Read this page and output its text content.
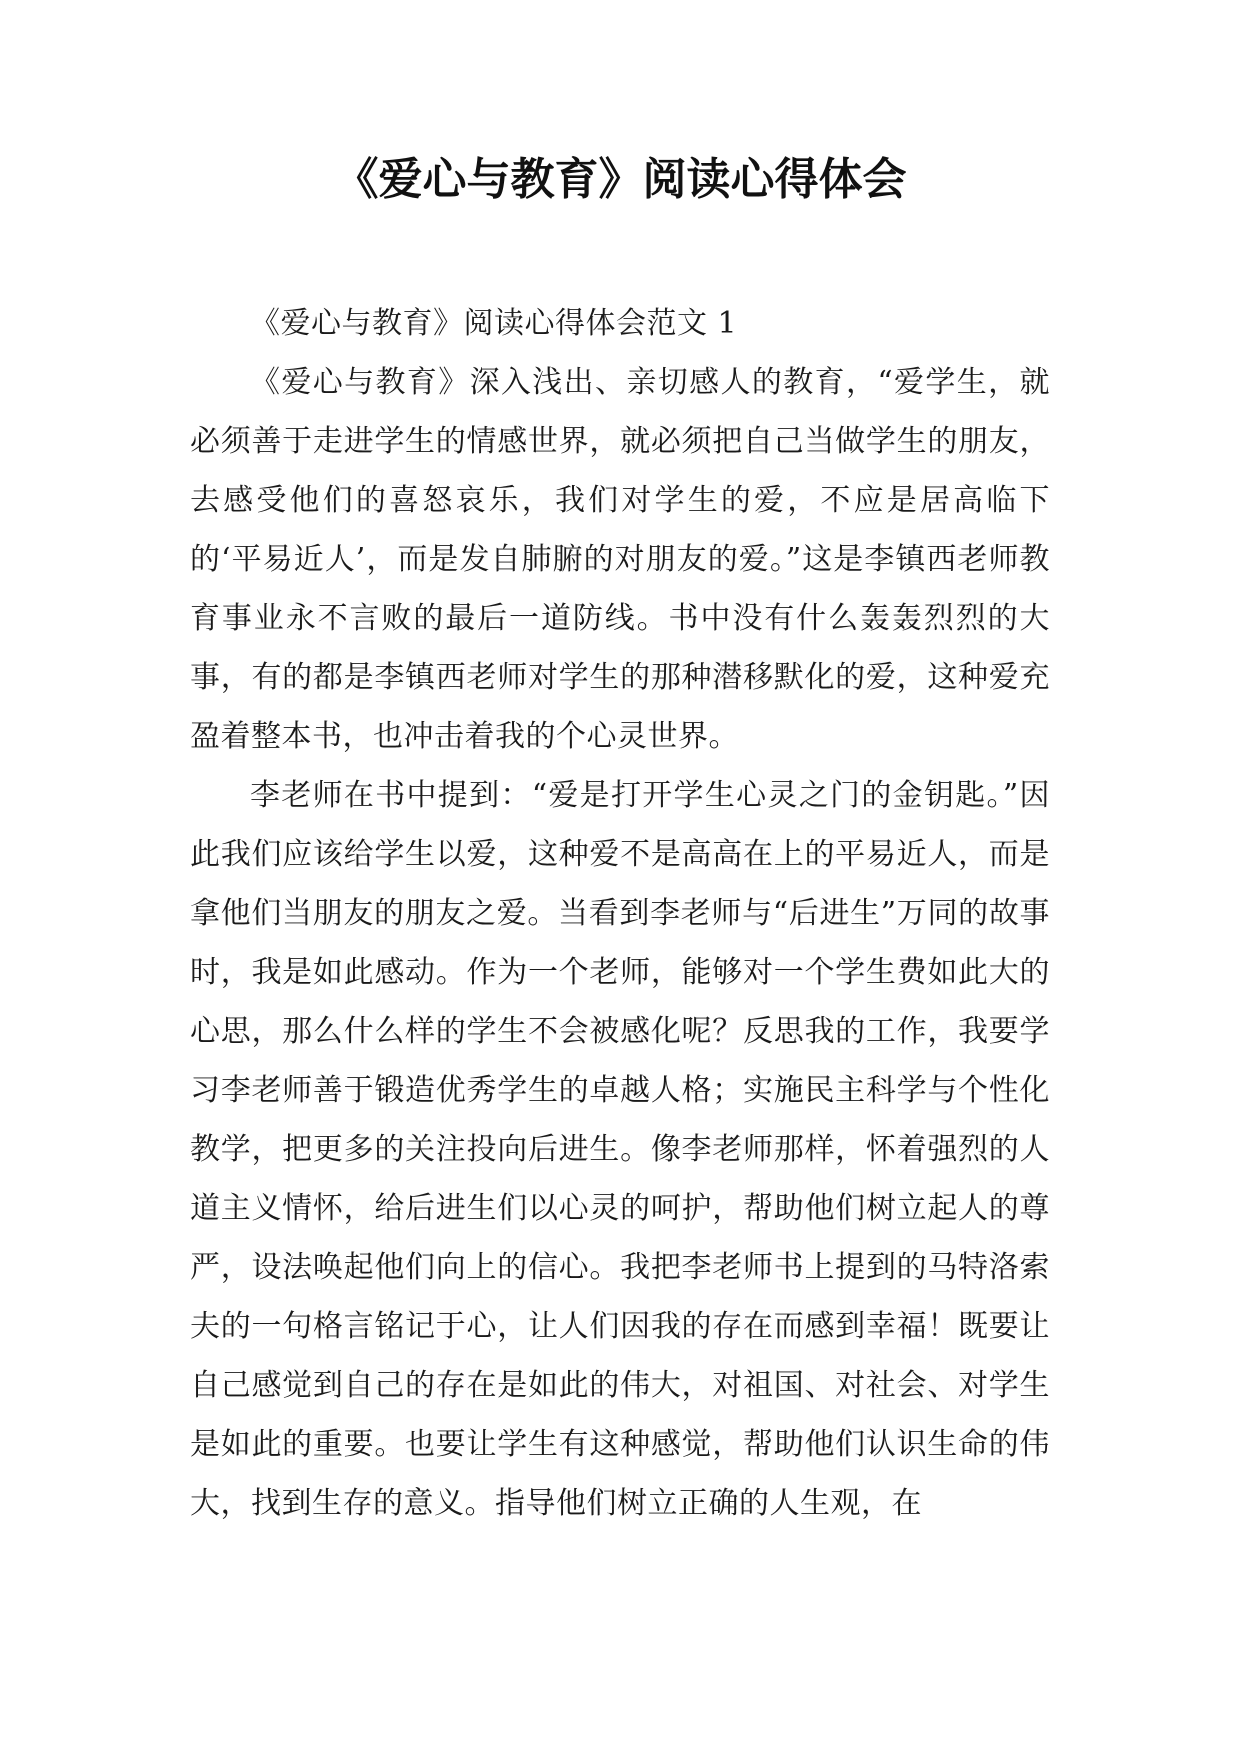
《爱心与教育》阅读心得体会

《爱心与教育》阅读心得体会范文 1

《爱心与教育》深入浅出、亲切感人的教育，“爱学生，就必须善于走进学生的情感世界，就必须把自己当做学生的朋友，去感受他们的喜怒哀乐，我们对学生的爱，不应是居高临下的‘平易近人’，而是发自肺腑的对朋友的爱。”这是李镇西老师教育事业永不言败的最后一道防线。书中没有什么轰轰烈烈的大事，有的都是李镇西老师对学生的那种潜移默化的爱，这种爱充盈着整本书，也冲击着我的个心灵世界。

李老师在书中提到：“爱是打开学生心灵之门的金钥匙。”因此我们应该给学生以爱，这种爱不是高高在上的平易近人，而是拿他们当朋友的朋友之爱。当看到李老师与“后进生”万同的故事时，我是如此感动。作为一个老师，能够对一个学生费如此大的心思，那么什么样的学生不会被感化呢？反思我的工作，我要学习李老师善于锻造优秀学生的卓越人格；实施民主科学与个性化教学，把更多的关注投向后进生。像李老师那样，怀着强烈的人道主义情怀，给后进生们以心灵的呵护，帮助他们树立起人的尊严，设法唤起他们向上的信心。我把李老师书上提到的马特洛索夫的一句格言铭记于心，让人们因我的存在而感到幸福！既要让自己感觉到自己的存在是如此的伟大，对祖国、对社会、对学生是如此的重要。也要让学生有这种感觉，帮助他们认识生命的伟大，找到生存的意义。指导他们树立正确的人生观，在
